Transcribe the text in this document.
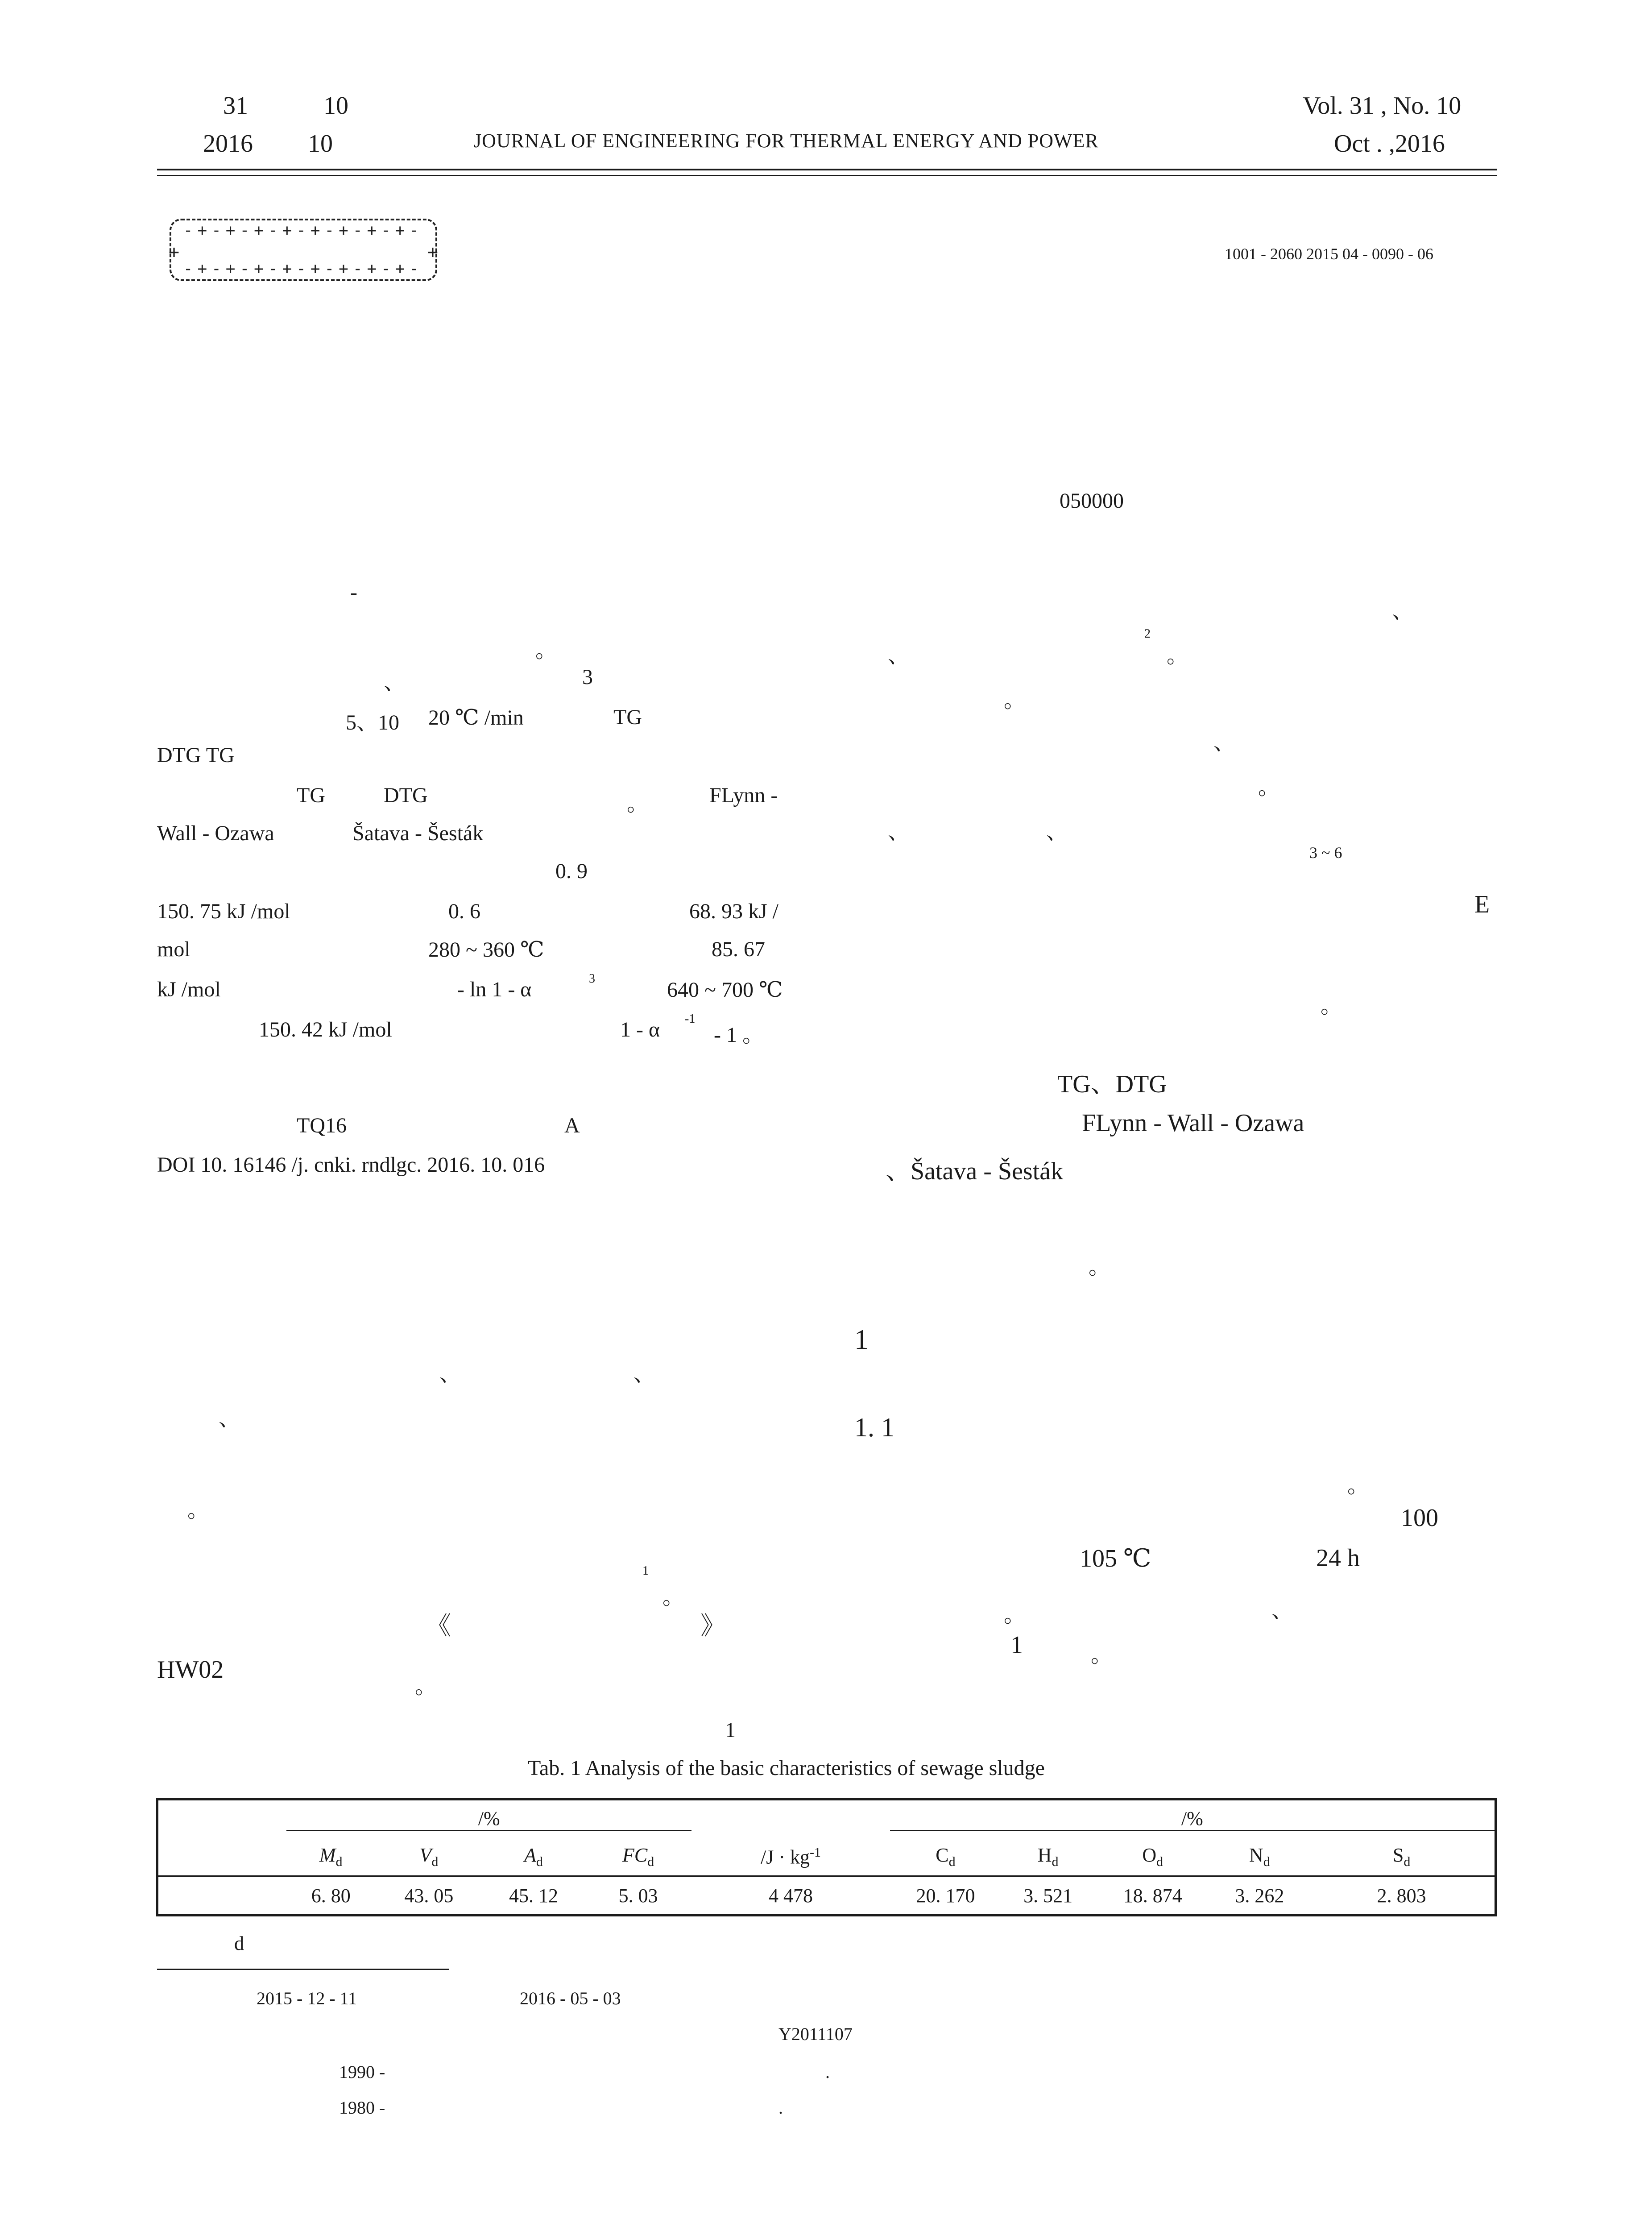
31	10
2016 10	JOURNAL OF ENGINEERING FOR THERMAL ENERGY AND POWER
Vol. 31 , No. 10
Oct . ,2016
-+-+-+-+-+-+-+-+-
-+-+-+-+-+-+-+-+-
+	+	1001 - 2060 2015 04 - 0090 - 06
050000
-
。
、	3
5、10 20 ℃ /min	TG
DTG TG
TG	DTG	。	FLynn -
Wall - Ozawa	Šatava - Šesták
0. 9
150. 75 kJ /mol	0. 6	68. 93 kJ /
mol	280 ~ 360 ℃	85. 67
kJ /mol	- ln 1 - α	3	640 ~ 700 ℃
150. 42 kJ /mol	1 - α -1
- 1 。
TQ16	A
DOI 10. 16146 /j. cnki. rndlgc. 2016. 10. 016
、
、
2
。
。
、
。
、	、
3 ~ 6
E
。
TG、DTG
FLynn - Wall - Ozawa
、Šatava - Šesták
。
1
1. 1
。
100
105 ℃	24 h
。	、
1	。
、	、
、
。
1
。
《	》
HW02
。
1
Tab. 1 Analysis of the basic characteristics of sewage sludge

	/%					/%				

	$M_d$	$V_d$	$A_d$	$FC_d$	$/J \cdot kg^{-1}$	$C_d$	$H_d$	$O_d$	$N_d$	$S_d$
	6. 80	43. 05	45. 12	5. 03	4 478	20. 170	3. 521	18. 874	3. 262	2. 803
d
2015 - 12 - 11	2016 - 05 - 03
Y2011107
1990 -	.
1980 -	.
